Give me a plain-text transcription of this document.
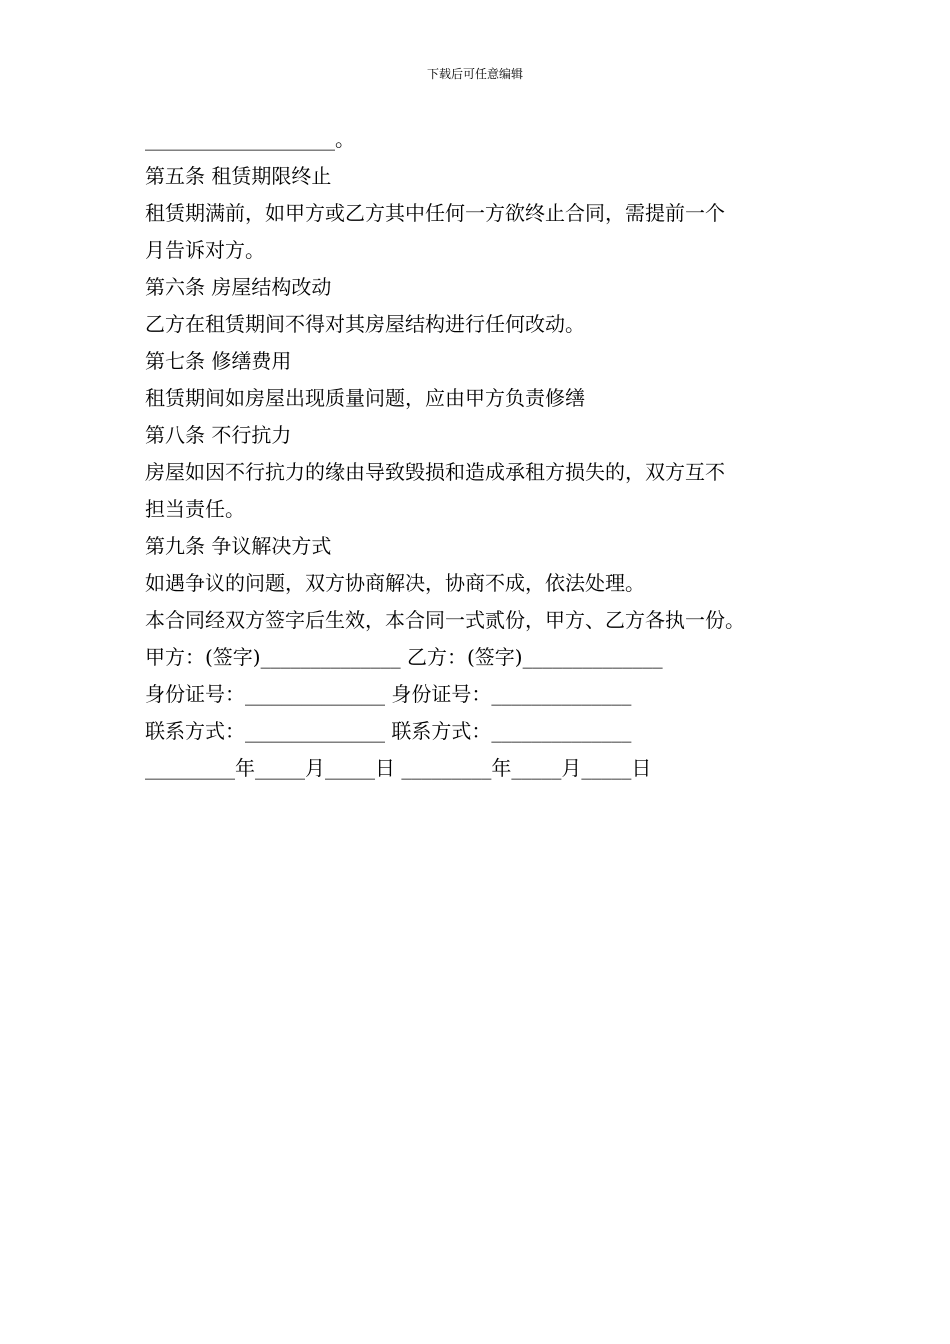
下载后可任意编辑
___________________。
第五条 租赁期限终止
租赁期满前，如甲方或乙方其中任何一方欲终止合同，需提前一个
月告诉对方。
第六条 房屋结构改动
乙方在租赁期间不得对其房屋结构进行任何改动。
第七条 修缮费用
租赁期间如房屋出现质量问题，应由甲方负责修缮
第八条 不行抗力
房屋如因不行抗力的缘由导致毁损和造成承租方损失的，双方互不
担当责任。
第九条 争议解决方式
如遇争议的问题，双方协商解决，协商不成，依法处理。
本合同经双方签字后生效，本合同一式贰份，甲方、乙方各执一份。
甲方：(签字)______________ 乙方：(签字)______________
身份证号：______________ 身份证号：______________
联系方式：______________ 联系方式：______________
_________年_____月_____日 _________年_____月_____日
